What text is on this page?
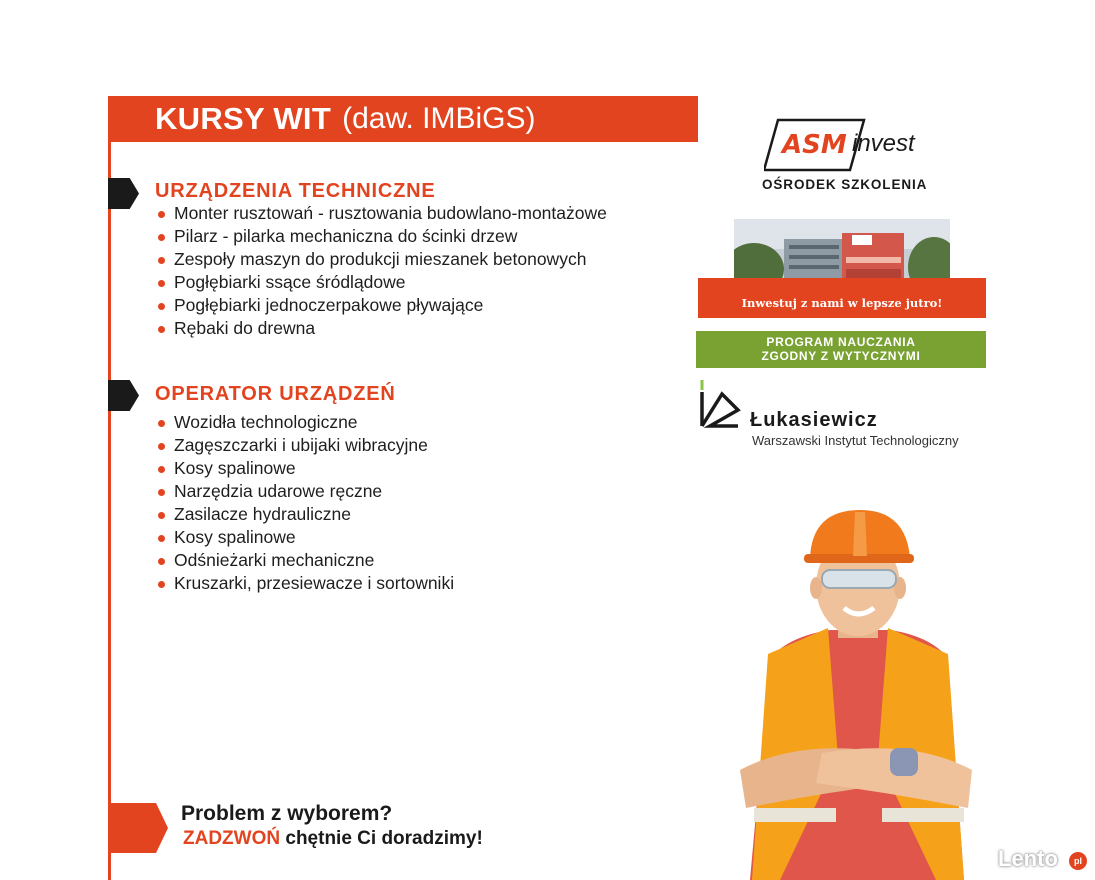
KURSY WIT (daw. IMBiGS)
URZĄDZENIA TECHNICZNE
Monter rusztowań - rusztowania budowlano-montażowe
Pilarz - pilarka mechaniczna do ścinki drzew
Zespoły maszyn do produkcji mieszanek betonowych
Pogłębiarki ssące śródlądowe
Pogłębiarki jednoczerpakowe pływające
Rębaki do drewna
OPERATOR URZĄDZEŃ
Wozidła technologiczne
Zagęszczarki i ubijaki wibracyjne
Kosy spalinowe
Narzędzia udarowe ręczne
Zasilacze hydrauliczne
Kosy spalinowe
Odśnieżarki mechaniczne
Kruszarki, przesiewacze i sortowniki
Problem z wyborem?
ZADZWOŃ chętnie Ci doradzimy!
ASM invest
OŚRODEK SZKOLENIA
Inwestuj z nami w lepsze jutro!
PROGRAM NAUCZANIA
ZGODNY Z WYTYCZNYMI
Łukasiewicz
Warszawski Instytut Technologiczny
Lento	pl
